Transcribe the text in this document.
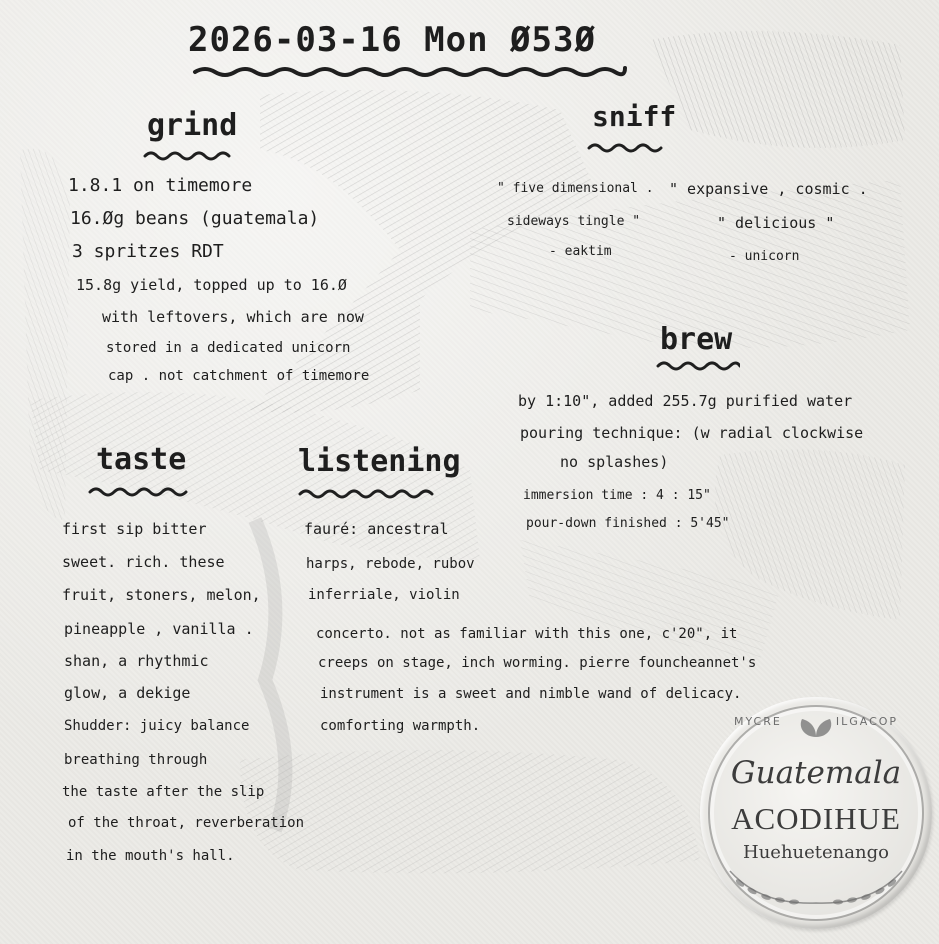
2026-03-16 Mon Ø53Ø
grind
1.8.1 on timemore
16.Øg beans (guatemala)
3 spritzes RDT
15.8g yield, topped up to 16.Ø
with leftovers, which are now
stored in a dedicated unicorn
cap . not catchment of timemore
sniff
" five dimensional .
sideways tingle "
- eaktim
" expansive , cosmic .
" delicious "
- unicorn
brew
by 1:10", added 255.7g purified water
pouring technique: (w radial clockwise
no splashes)
immersion time : 4 : 15"
pour-down finished : 5'45"
taste
first sip bitter
sweet. rich. these
fruit, stoners, melon,
pineapple , vanilla .
shan, a rhythmic
glow, a dekige
Shudder: juicy balance
breathing through
the taste after the slip
of the throat, reverberation
in the mouth's hall.
listening
fauré: ancestral
harps, rebode, rubov
inferriale, violin
concerto. not as familiar with this one, c'20", it
creeps on stage, inch worming. pierre founcheannet's
instrument is a sweet and nimble wand of delicacy.
comforting warmpth.	MYCRE	ILGACOP
Guatemala
ACODIHUE
Huehuetenango
